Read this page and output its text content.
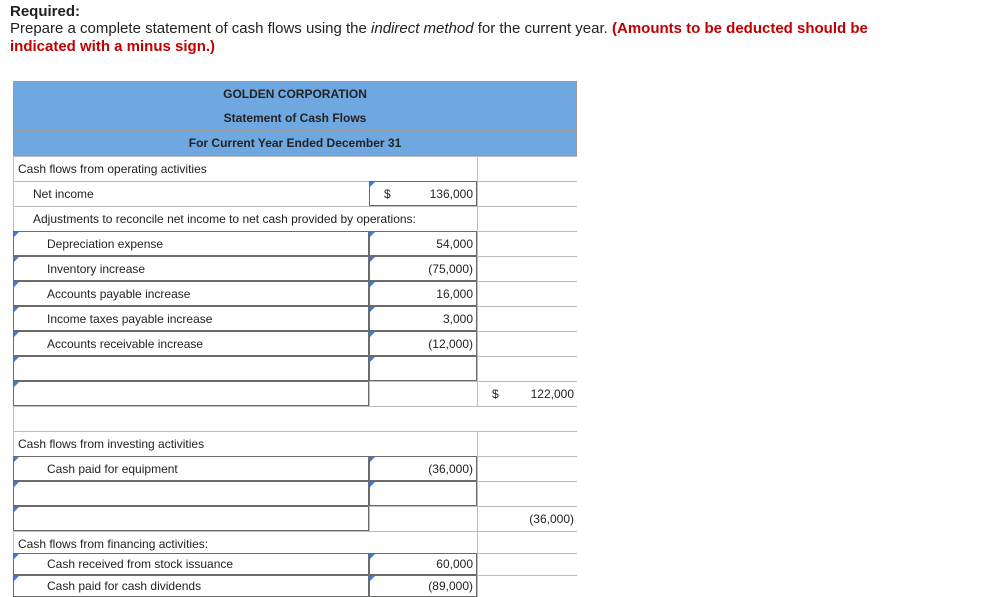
Required:
Prepare a complete statement of cash flows using the indirect method for the current year. (Amounts to be deducted should be indicated with a minus sign.)
GOLDEN CORPORATION
Statement of Cash Flows
For Current Year Ended December 31
Cash flows from operating activities
Net income	$	136,000
Adjustments to reconcile net income to net cash provided by operations:
Depreciation expense	54,000
Inventory increase	(75,000)
Accounts payable increase	16,000
Income taxes payable increase	3,000
Accounts receivable increase	(12,000)
$	122,000
Cash flows from investing activities
Cash paid for equipment	(36,000)
(36,000)
Cash flows from financing activities:
Cash received from stock issuance	60,000
Cash paid for cash dividends	(89,000)
